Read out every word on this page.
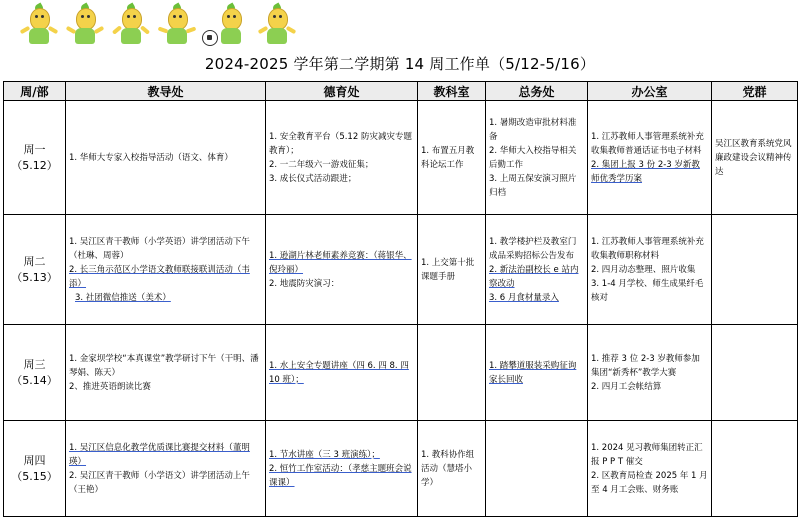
2024-2025 学年第二学期第 14 周工作单（5/12-5/16）
周/部	教导处	德育处	教科室	总务处	办公室	党群

周一
（5.12）	1. 华师大专家入校指导活动（语文、体育）	1. 安全教育平台（5.12 防灾减灾专题教育）；
2. 一二年级六一游戏征集；
3. 成长仪式活动跟进；	1. 布置五月教科论坛工作	1. 暑期改造审批材料准备
2. 华师大入校指导相关后勤工作
3. 上周五保安演习照片归档	1. 江苏教师人事管理系统补充收集教师普通话证书电子材料
2. 集团上报 3 份 2-3 岁新教师优秀学历案	吴江区教育系统党风廉政建设会议精神传达

周二
（5.13）	1. 吴江区青干教师（小学英语）讲学团活动下午（杜琳、周蓉）
2. 长三角示范区小学语文教师联接联训活动（韦添）
3. 社团微信推送（美术）	1. 逊湖片林老师素养竞赛：（蒋银华、倪玲丽）
2. 地震防灾演习：	1. 上交第十批课题手册	1. 教学楼护栏及教室门成品采购招标公告发布
2. 新法治副校长 e 站内察改动
3. 6 月食材量录入	1. 江苏教师人事管理系统补充收集教师职称材料
2. 四月动态整理、照片收集
3. 1-4 月学校、师生成果纤毛核对	

周三
（5.14）	1. 金家坝学校“本真课堂”教学研讨下午（干明、潘琴娟、陈天）
2、推进英语朗读比赛	1. 水上安全专题讲座（四 6. 四 8. 四 10 班）；		1. 踏攀道服装采购征询家长回收	1. 推荐 3 位 2-3 岁教师参加集团“新秀杯”教学大赛
2. 四月工会帐结算	

周四
（5.15）	1. 吴江区信息化教学优质课比赛提交材料（董明瑛）
2. 吴江区青干教师（小学语文）讲学团活动上午（王艳）	1. 节水讲座（三 3 班演练）；
2. 恒竹工作室活动：（孝慈主题班会说课课）	1. 教科协作组活动（慧塔小学）		1. 2024 见习教师集团转正汇报 P P T 催交
2. 区教育局检查 2025 年 1 月至 4 月工会账、财务账	
